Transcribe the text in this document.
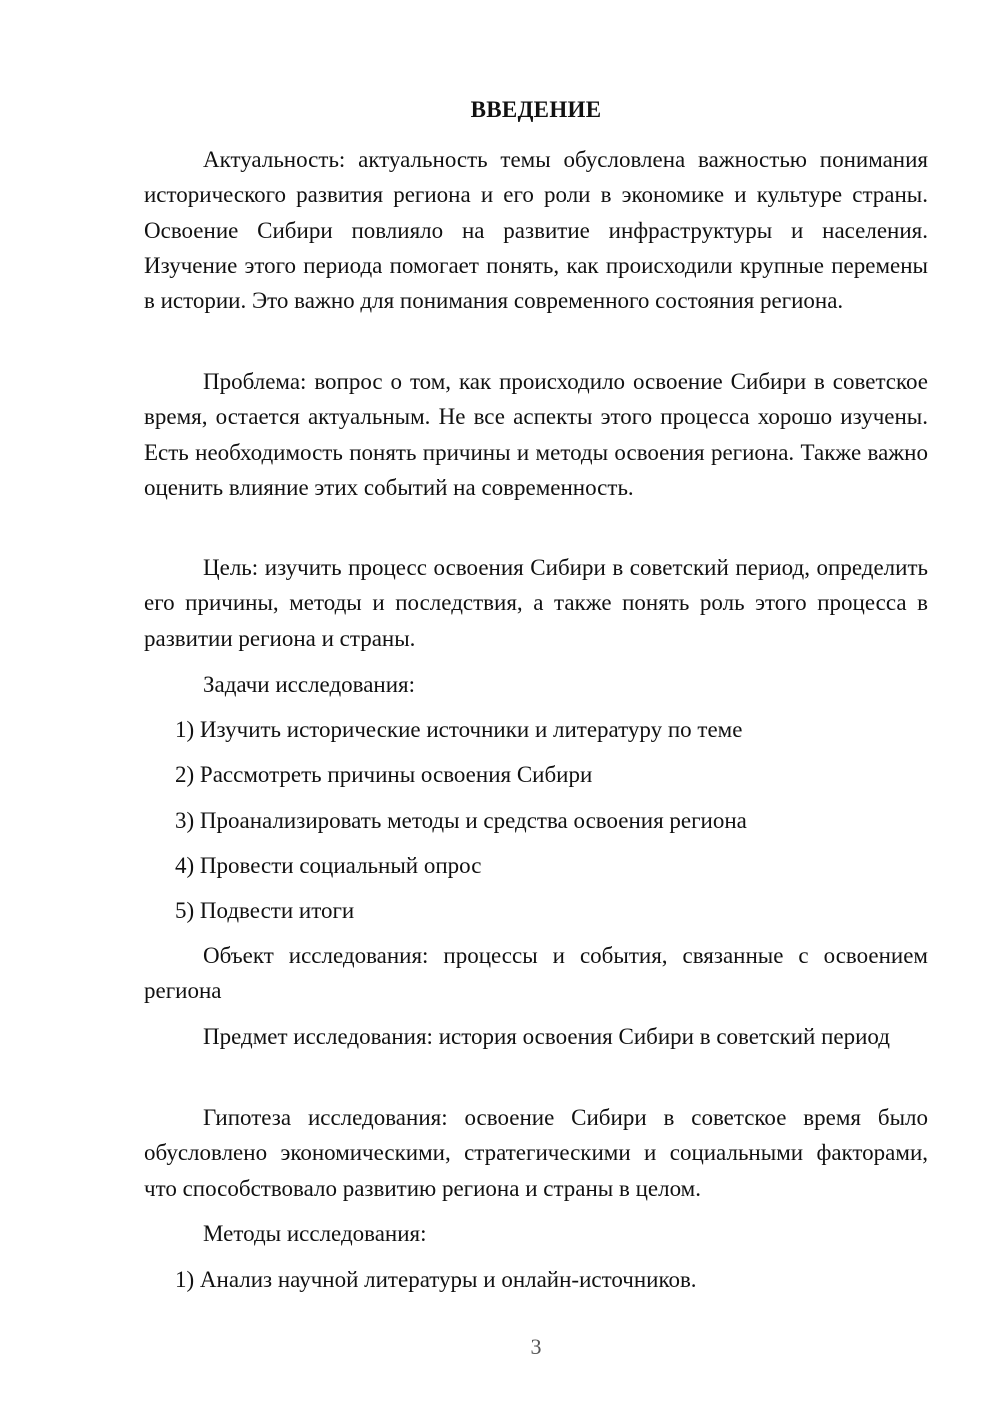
ВВЕДЕНИЕ

Актуальность: актуальность темы обусловлена важностью понимания исторического развития региона и его роли в экономике и культуре страны. Освоение Сибири повлияло на развитие инфраструктуры и населения. Изучение этого периода помогает понять, как происходили крупные перемены в истории. Это важно для понимания современного состояния региона.

Проблема: вопрос о том, как происходило освоение Сибири в советское время, остается актуальным. Не все аспекты этого процесса хорошо изучены. Есть необходимость понять причины и методы освоения региона. Также важно оценить влияние этих событий на современность.

Цель: изучить процесс освоения Сибири в советский период, определить его причины, методы и последствия, а также понять роль этого процесса в развитии региона и страны.

Задачи исследования:

1) Изучить исторические источники и литературу по теме

2) Рассмотреть причины освоения Сибири

3) Проанализировать методы и средства освоения региона

4) Провести социальный опрос

5) Подвести итоги

Объект исследования: процессы и события, связанные с освоением региона

Предмет исследования: история освоения Сибири в советский период

Гипотеза исследования: освоение Сибири в советское время было обусловлено экономическими, стратегическими и социальными факторами, что способствовало развитию региона и страны в целом.

Методы исследования:

1) Анализ научной литературы и онлайн-источников.

3
